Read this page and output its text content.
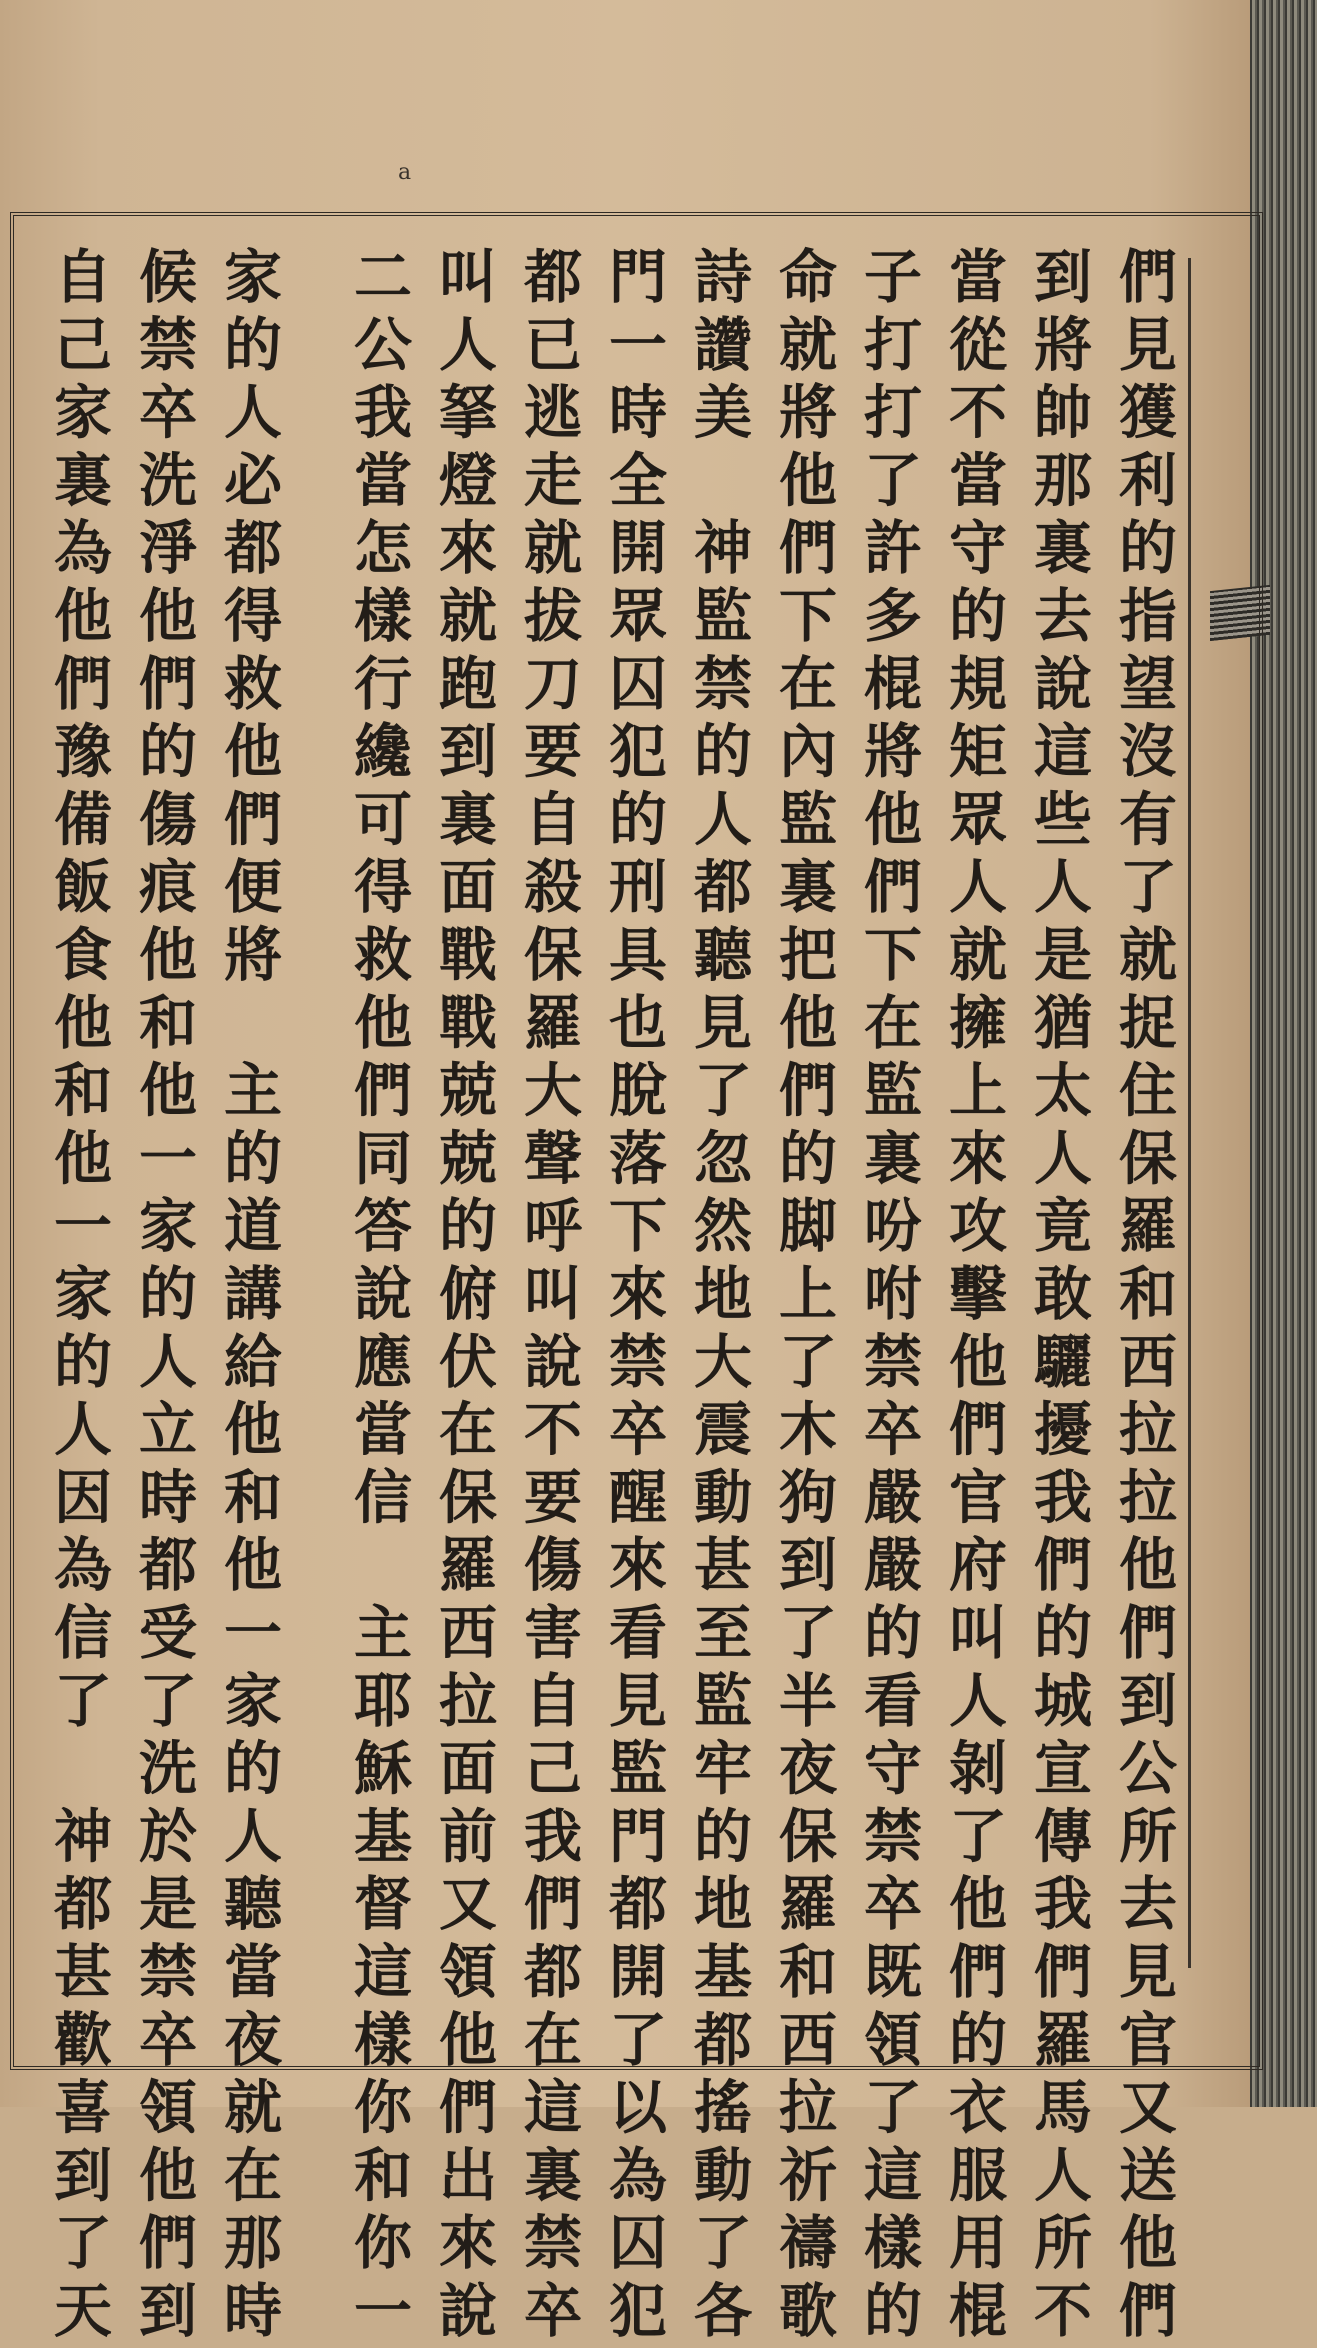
a
們見獲利的指望沒有了就捉住保羅和西拉拉他們到公所去見官又送他們
到將帥那裏去說這些人是猶太人竟敢驪擾我們的城宣傳我們羅馬人所不
當從不當守的規矩眾人就擁上來攻擊他們官府叫人剝了他們的衣服用棍
子打打了許多棍將他們下在監裏吩咐禁卒嚴嚴的看守禁卒既領了這樣的
命就將他們下在內監裏把他們的脚上了木狗到了半夜保羅和西拉祈禱歌
詩讚美　神監禁的人都聽見了忽然地大震動甚至監牢的地基都搖動了各
門一時全開眾囚犯的刑具也脫落下來禁卒醒來看見監門都開了以為囚犯
都已逃走就拔刀要自殺保羅大聲呼叫說不要傷害自己我們都在這裏禁卒
叫人拏燈來就跑到裏面戰戰兢兢的俯伏在保羅西拉面前又領他們出來說
二公我當怎樣行纔可得救他們同答說應當信　主耶穌基督這樣你和你一
家的人必都得救他們便將　主的道講給他和他一家的人聽當夜就在那時
候禁卒洗淨他們的傷痕他和他一家的人立時都受了洗於是禁卒領他們到
自己家裏為他們豫備飯食他和他一家的人因為信了　神都甚歡喜到了天
